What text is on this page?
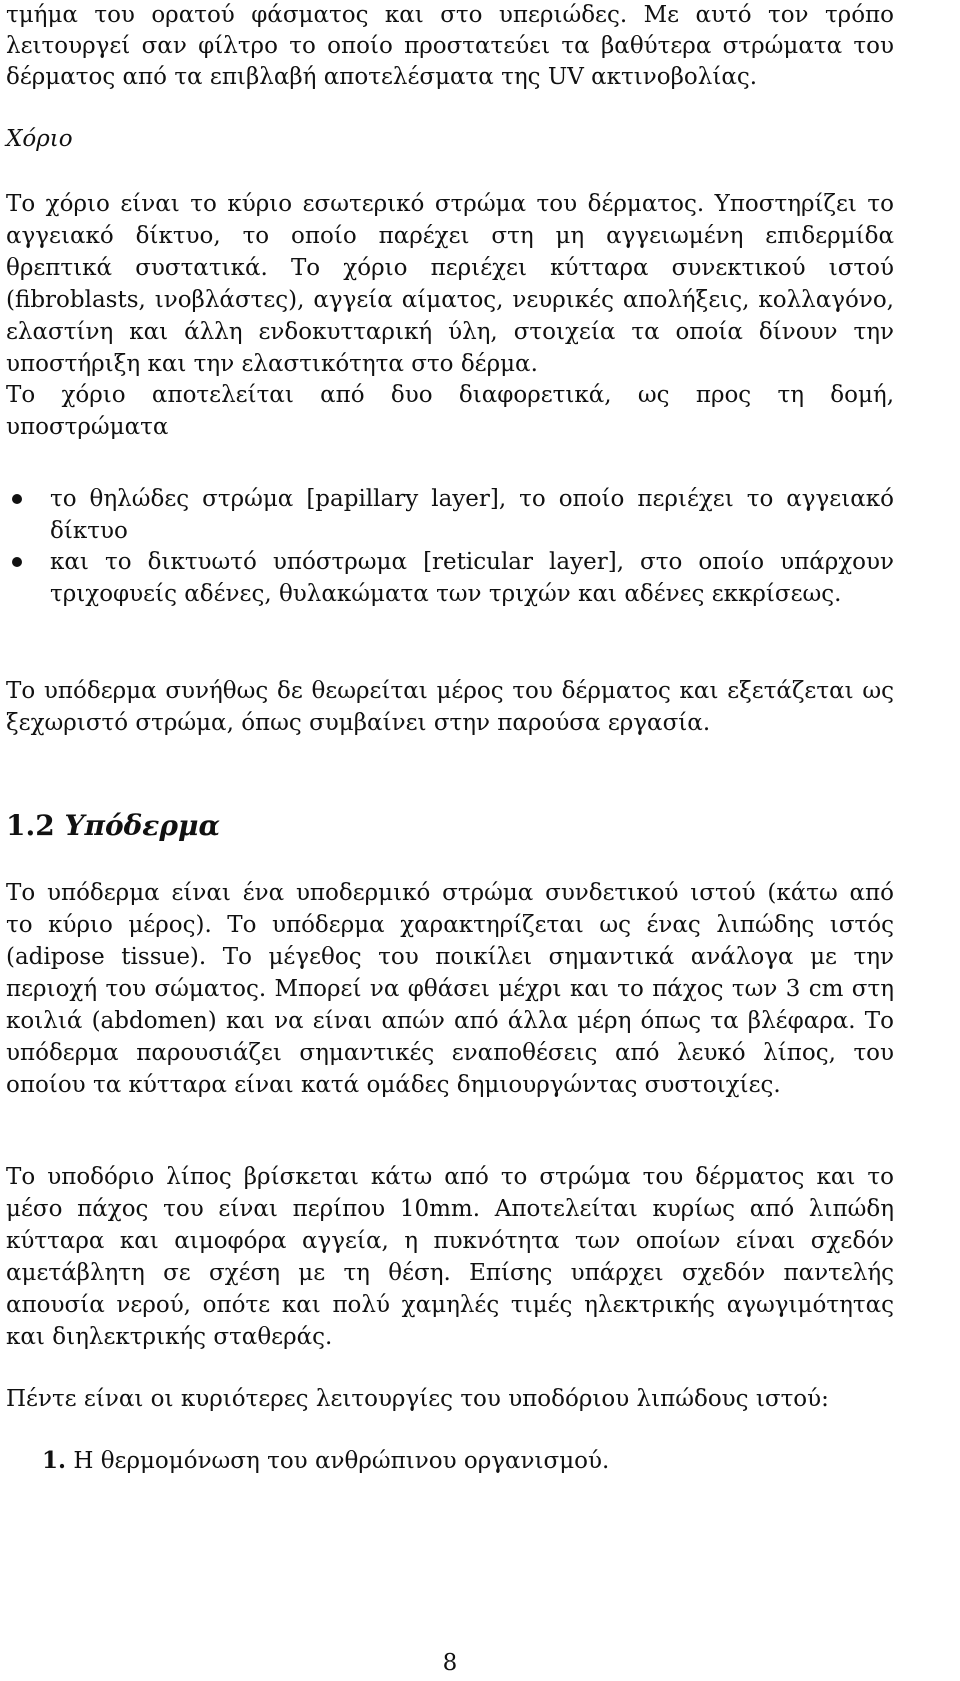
τμήμα του ορατού φάσματος και στο υπεριώδες. Με αυτό τον τρόπο
λειτουργεί σαν φίλτρο το οποίο προστατεύει τα βαθύτερα στρώματα του
δέρματος από τα επιβλαβή αποτελέσματα της UV ακτινοβολίας.
Χόριο
Το χόριο είναι το κύριο εσωτερικό στρώμα του δέρματος. Υποστηρίζει το
αγγειακό δίκτυο, το οποίο παρέχει στη μη αγγειωμένη επιδερμίδα
θρεπτικά συστατικά. Το χόριο περιέχει κύτταρα συνεκτικού ιστού
(fibroblasts, ινοβλάστες), αγγεία αίματος, νευρικές απολήξεις, κολλαγόνο,
ελαστίνη και άλλη ενδοκυτταρική ύλη, στοιχεία τα οποία δίνουν την
υποστήριξη και την ελαστικότητα στο δέρμα.
Το χόριο αποτελείται από δυο διαφορετικά, ως προς τη δομή,
υποστρώματα
το θηλώδες στρώμα [papillary layer], το οποίο περιέχει το αγγειακό
δίκτυο
και το δικτυωτό υπόστρωμα [reticular layer], στο οποίο υπάρχουν
τριχοφυείς αδένες, θυλακώματα των τριχών και αδένες εκκρίσεως.
Το υπόδερμα συνήθως δε θεωρείται μέρος του δέρματος και εξετάζεται ως
ξεχωριστό στρώμα, όπως συμβαίνει στην παρούσα εργασία.
1.2 Υπόδερμα
Το υπόδερμα είναι ένα υποδερμικό στρώμα συνδετικού ιστού (κάτω από
το κύριο μέρος). Το υπόδερμα χαρακτηρίζεται ως ένας λιπώδης ιστός
(adipose tissue). Το μέγεθος του ποικίλει σημαντικά ανάλογα με την
περιοχή του σώματος. Μπορεί να φθάσει μέχρι και το πάχος των 3 cm στη
κοιλιά (abdomen) και να είναι απών από άλλα μέρη όπως τα βλέφαρα. Το
υπόδερμα παρουσιάζει σημαντικές εναποθέσεις από λευκό λίπος, του
οποίου τα κύτταρα είναι κατά ομάδες δημιουργώντας συστοιχίες.
Το υποδόριο λίπος βρίσκεται κάτω από το στρώμα του δέρματος και το
μέσο πάχος του είναι περίπου 10mm. Αποτελείται κυρίως από λιπώδη
κύτταρα και αιμοφόρα αγγεία, η πυκνότητα των οποίων είναι σχεδόν
αμετάβλητη σε σχέση με τη θέση. Επίσης υπάρχει σχεδόν παντελής
απουσία νερού, οπότε και πολύ χαμηλές τιμές ηλεκτρικής αγωγιμότητας
και διηλεκτρικής σταθεράς.
Πέντε είναι οι κυριότερες λειτουργίες του υποδόριου λιπώδους ιστού:
1. Η θερμομόνωση του ανθρώπινου οργανισμού.
8
